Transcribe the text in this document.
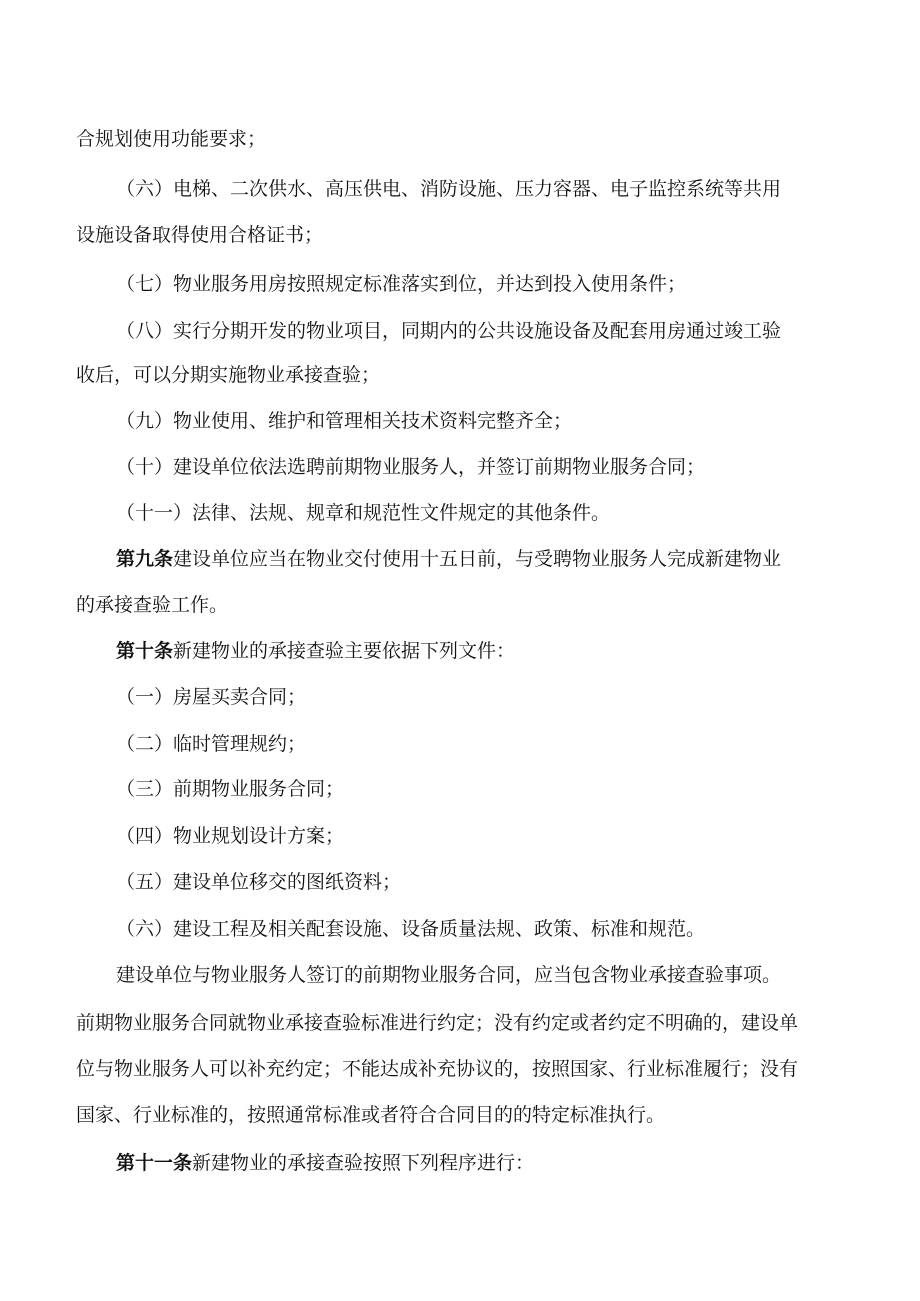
合规划使用功能要求；
（六）电梯、二次供水、高压供电、消防设施、压力容器、电子监控系统等共用
设施设备取得使用合格证书；
（七）物业服务用房按照规定标准落实到位，并达到投入使用条件；
（八）实行分期开发的物业项目，同期内的公共设施设备及配套用房通过竣工验
收后，可以分期实施物业承接查验；
（九）物业使用、维护和管理相关技术资料完整齐全；
（十）建设单位依法选聘前期物业服务人，并签订前期物业服务合同；
（十一）法律、法规、规章和规范性文件规定的其他条件。
第九条建设单位应当在物业交付使用十五日前，与受聘物业服务人完成新建物业
的承接查验工作。
第十条新建物业的承接查验主要依据下列文件：
（一）房屋买卖合同；
（二）临时管理规约；
（三）前期物业服务合同；
（四）物业规划设计方案；
（五）建设单位移交的图纸资料；
（六）建设工程及相关配套设施、设备质量法规、政策、标准和规范。
建设单位与物业服务人签订的前期物业服务合同，应当包含物业承接查验事项。
前期物业服务合同就物业承接查验标准进行约定；没有约定或者约定不明确的，建设单
位与物业服务人可以补充约定；不能达成补充协议的，按照国家、行业标准履行；没有
国家、行业标准的，按照通常标准或者符合合同目的的特定标准执行。
第十一条新建物业的承接查验按照下列程序进行：
